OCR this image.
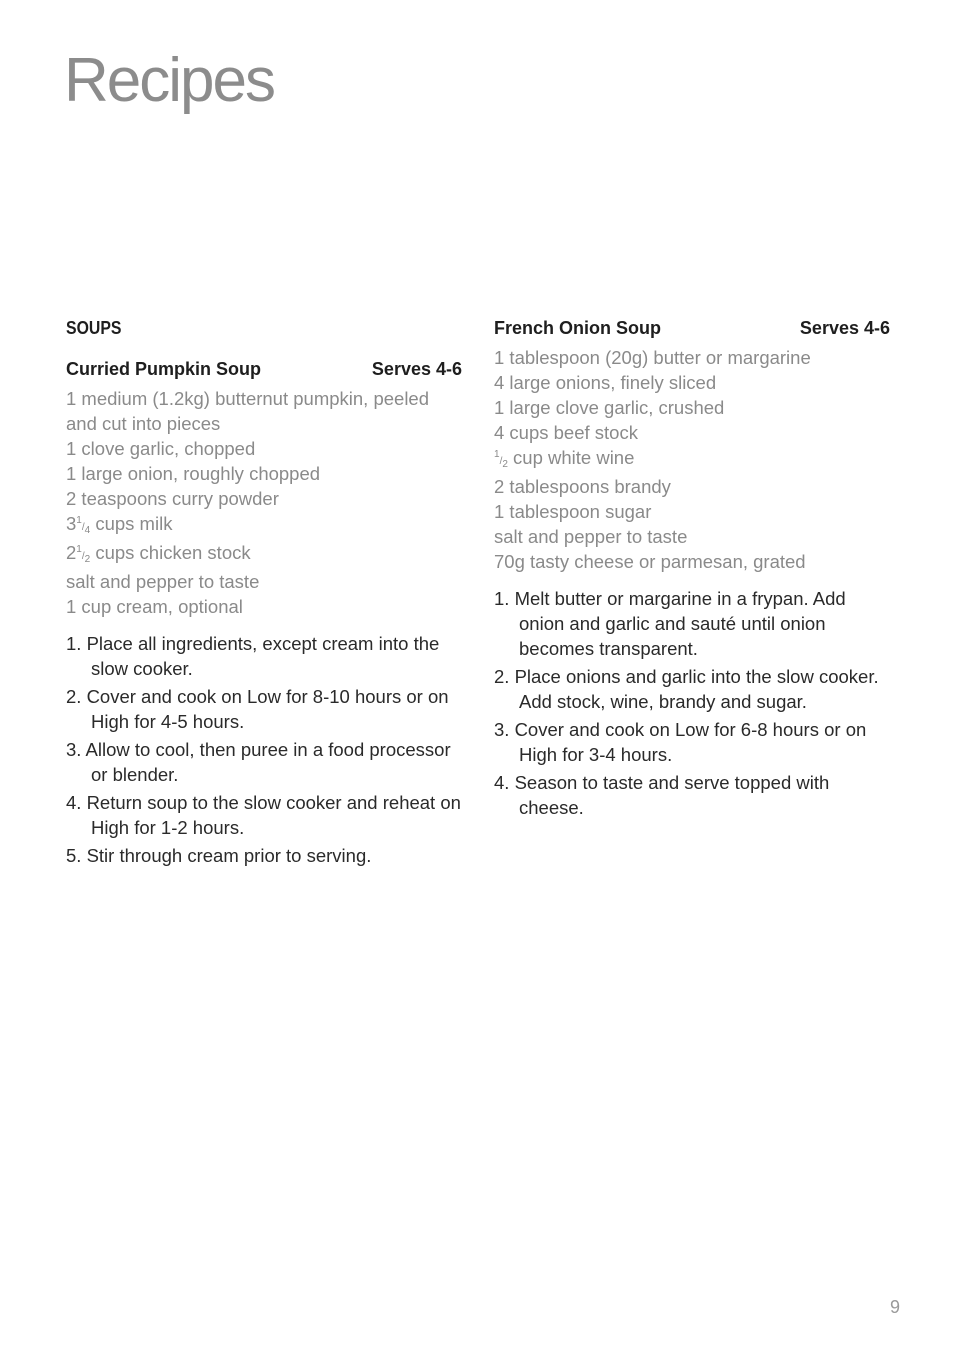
Recipes
SOUPS
Curried Pumpkin Soup	Serves 4-6
1 medium (1.2kg) butternut pumpkin, peeled and cut into pieces
1 clove garlic, chopped
1 large onion, roughly chopped
2 teaspoons curry powder
31/4 cups milk
21/2 cups chicken stock
salt and pepper to taste
1 cup cream, optional
1. Place all ingredients, except cream into the slow cooker.
2. Cover and cook on Low for 8-10 hours or on High for 4-5 hours.
3. Allow to cool, then puree in a food processor or blender.
4. Return soup to the slow cooker and reheat on High for 1-2 hours.
5. Stir through cream prior to serving.
French Onion Soup	Serves 4-6
1 tablespoon (20g) butter or margarine
4 large onions, finely sliced
1 large clove garlic, crushed
4 cups beef stock
1/2 cup white wine
2 tablespoons brandy
1 tablespoon sugar
salt and pepper to taste
70g tasty cheese or parmesan, grated
1. Melt butter or margarine in a frypan. Add onion and garlic and sauté until onion becomes transparent.
2. Place onions and garlic into the slow cooker. Add stock, wine, brandy and sugar.
3. Cover and cook on Low for 6-8 hours or on High for 3-4 hours.
4. Season to taste and serve topped with cheese.
9
